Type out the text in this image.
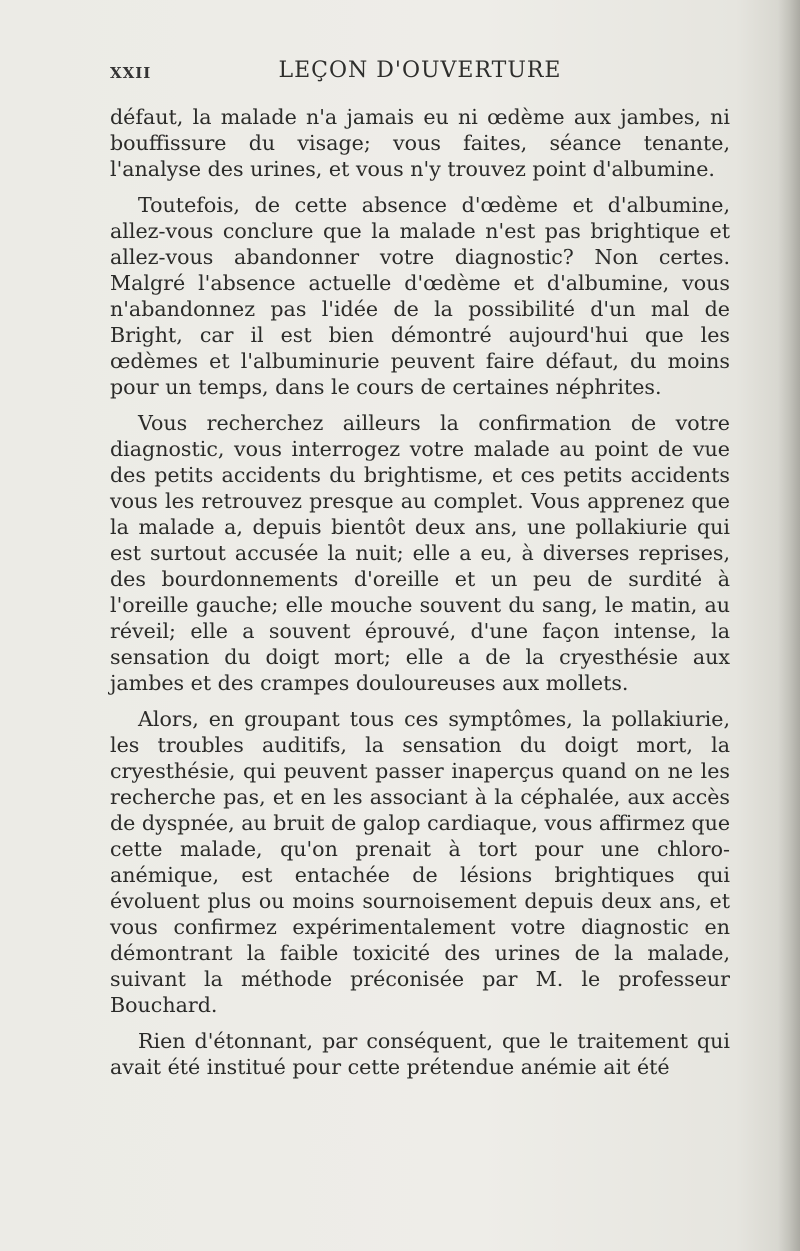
XXII	LEÇON D'OUVERTURE

défaut, la malade n'a jamais eu ni œdème aux jambes, ni bouffissure du visage; vous faites, séance tenante, l'analyse des urines, et vous n'y trouvez point d'albumine.

Toutefois, de cette absence d'œdème et d'albumine, allez-vous conclure que la malade n'est pas brightique et allez-vous abandonner votre diagnostic? Non certes. Malgré l'absence actuelle d'œdème et d'albumine, vous n'abandonnez pas l'idée de la possibilité d'un mal de Bright, car il est bien démontré aujourd'hui que les œdèmes et l'albuminurie peuvent faire défaut, du moins pour un temps, dans le cours de certaines néphrites.

Vous recherchez ailleurs la confirmation de votre diagnostic, vous interrogez votre malade au point de vue des petits accidents du brightisme, et ces petits accidents vous les retrouvez presque au complet. Vous apprenez que la malade a, depuis bientôt deux ans, une pollakiurie qui est surtout accusée la nuit; elle a eu, à diverses reprises, des bourdonnements d'oreille et un peu de surdité à l'oreille gauche; elle mouche souvent du sang, le matin, au réveil; elle a souvent éprouvé, d'une façon intense, la sensation du doigt mort; elle a de la cryesthésie aux jambes et des crampes douloureuses aux mollets.

Alors, en groupant tous ces symptômes, la pollakiurie, les troubles auditifs, la sensation du doigt mort, la cryesthésie, qui peuvent passer inaperçus quand on ne les recherche pas, et en les associant à la céphalée, aux accès de dyspnée, au bruit de galop cardiaque, vous affirmez que cette malade, qu'on prenait à tort pour une chloro-anémique, est entachée de lésions brightiques qui évoluent plus ou moins sournoisement depuis deux ans, et vous confirmez expérimentalement votre diagnostic en démontrant la faible toxicité des urines de la malade, suivant la méthode préconisée par M. le professeur Bouchard.

Rien d'étonnant, par conséquent, que le traitement qui avait été institué pour cette prétendue anémie ait été
